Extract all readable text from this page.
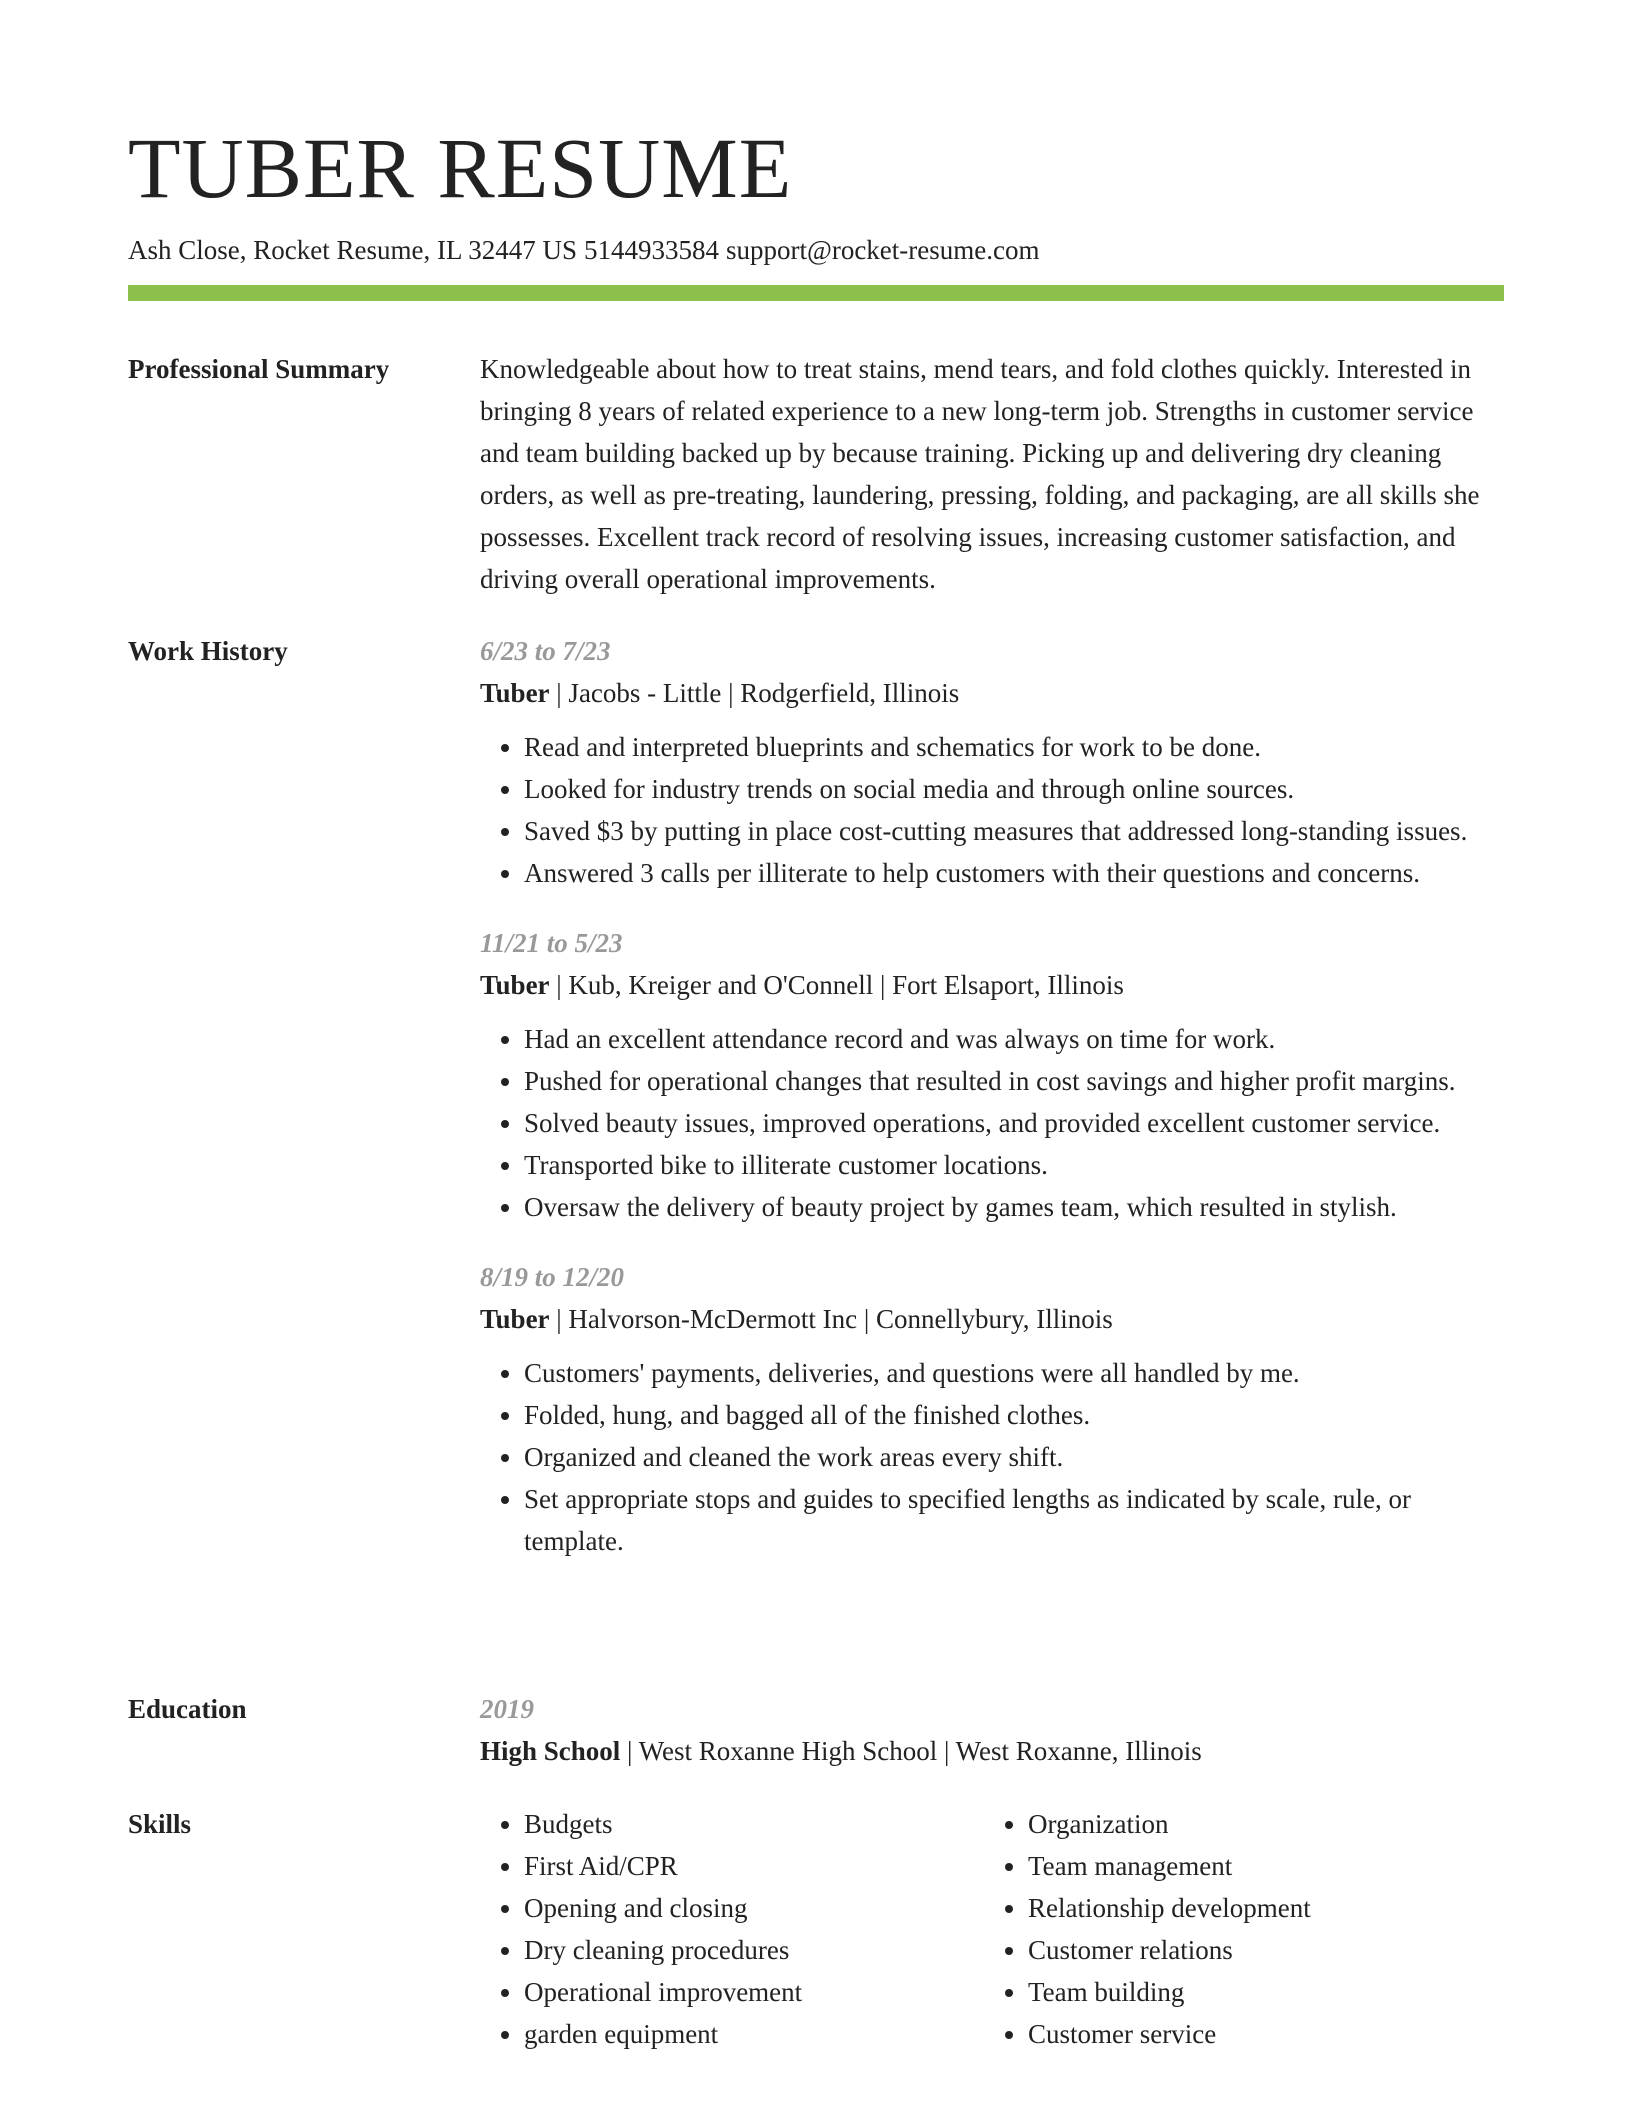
TUBER RESUME
Ash Close, Rocket Resume, IL 32447 US 5144933584 support@rocket-resume.com
Professional Summary	Knowledgeable about how to treat stains, mend tears, and fold clothes quickly. Interested in bringing 8 years of related experience to a new long-term job. Strengths in customer service and team building backed up by because training. Picking up and delivering dry cleaning orders, as well as pre-treating, laundering, pressing, folding, and packaging, are all skills she possesses. Excellent track record of resolving issues, increasing customer satisfaction, and driving overall operational improvements.

Work History	6/23 to 7/23
Tuber | Jacobs - Little | Rodgerfield, Illinois
• Read and interpreted blueprints and schematics for work to be done.
• Looked for industry trends on social media and through online sources.
• Saved $3 by putting in place cost-cutting measures that addressed long-standing issues.
• Answered 3 calls per illiterate to help customers with their questions and concerns.
11/21 to 5/23
Tuber | Kub, Kreiger and O'Connell | Fort Elsaport, Illinois
• Had an excellent attendance record and was always on time for work.
• Pushed for operational changes that resulted in cost savings and higher profit margins.
• Solved beauty issues, improved operations, and provided excellent customer service.
• Transported bike to illiterate customer locations.
• Oversaw the delivery of beauty project by games team, which resulted in stylish.
8/19 to 12/20
Tuber | Halvorson-McDermott Inc | Connellybury, Illinois
• Customers' payments, deliveries, and questions were all handled by me.
• Folded, hung, and bagged all of the finished clothes.
• Organized and cleaned the work areas every shift.
• Set appropriate stops and guides to specified lengths as indicated by scale, rule, or template.
Education	2019
High School | West Roxanne High School | West Roxanne, Illinois
Skills
•	Budgets
• First Aid/CPR
• Opening and closing
• Dry cleaning procedures
• Operational improvement
• garden equipment
• Organization
• Team management
• Relationship development
• Customer relations
• Team building
• Customer service
